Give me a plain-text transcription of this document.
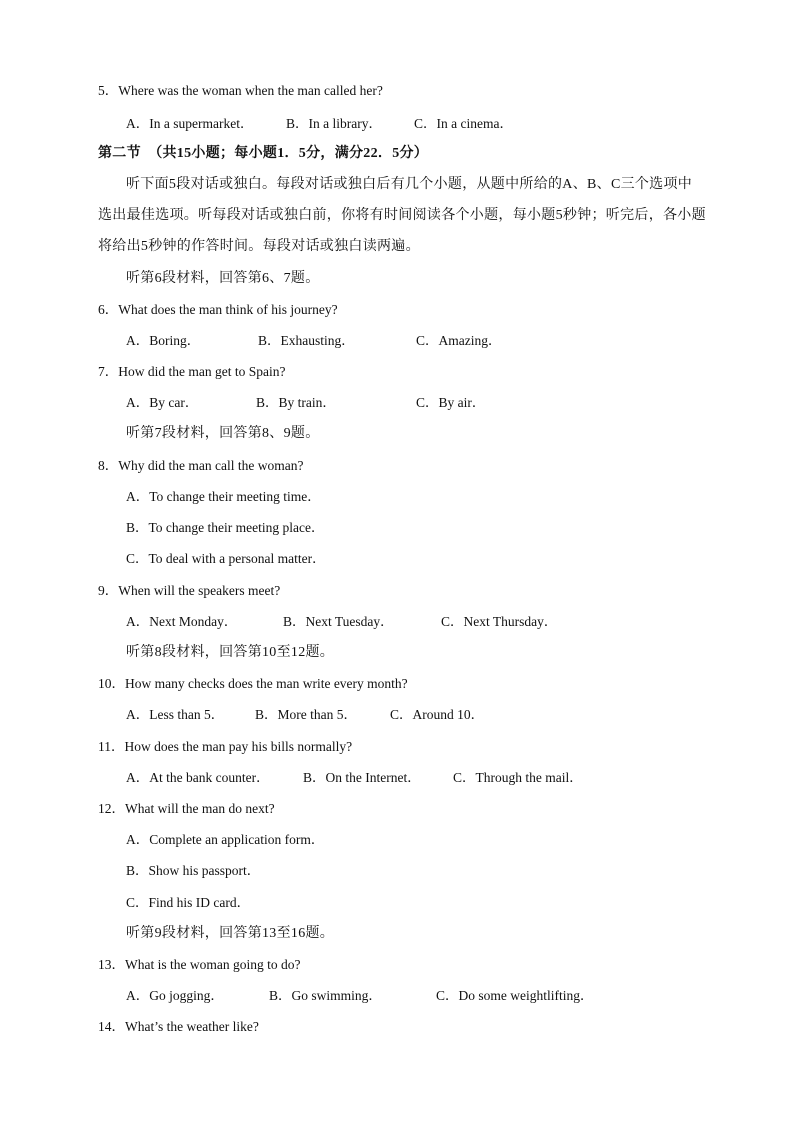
5．Where was the woman when the man called her?
A．In a supermarket． B．In a library． C．In a cinema．
第二节　（共15小题；每小题1．5分，满分22．5分）
听下面5段对话或独白。每段对话或独白后有几个小题，从题中所给的A、B、C三个选项中
选出最佳选项。听每段对话或独白前，你将有时间阅读各个小题，每小题5秒钟；听完后，各小题
将给出5秒钟的作答时间。每段对话或独白读两遍。
听第6段材料，回答第6、7题。
6．What does the man think of his journey?
A．Boring．	B．Exhausting．	C．Amazing．
7．How did the man get to Spain?
A．By car．	B．By train．	C．By air．
听第7段材料，回答第8、9题。
8．Why did the man call the woman?
A．To change their meeting time．
B．To change their meeting place．
C．To deal with a personal matter．
9．When will the speakers meet?
A．Next Monday．	B．Next Tuesday．	C．Next Thursday．
听第8段材料，回答第10至12题。
10．How many checks does the man write every month?
A．Less than 5． B．More than 5． C．Around 10．
11．How does the man pay his bills normally?
A．At the bank counter． B．On the Internet． C．Through the mail．
12．What will the man do next?
A．Complete an application form．
B．Show his passport．
C．Find his ID card．
听第9段材料，回答第13至16题。
13．What is the woman going to do?
A．Go jogging．	B．Go swimming．	C．Do some weightlifting．
14．What’s the weather like?
